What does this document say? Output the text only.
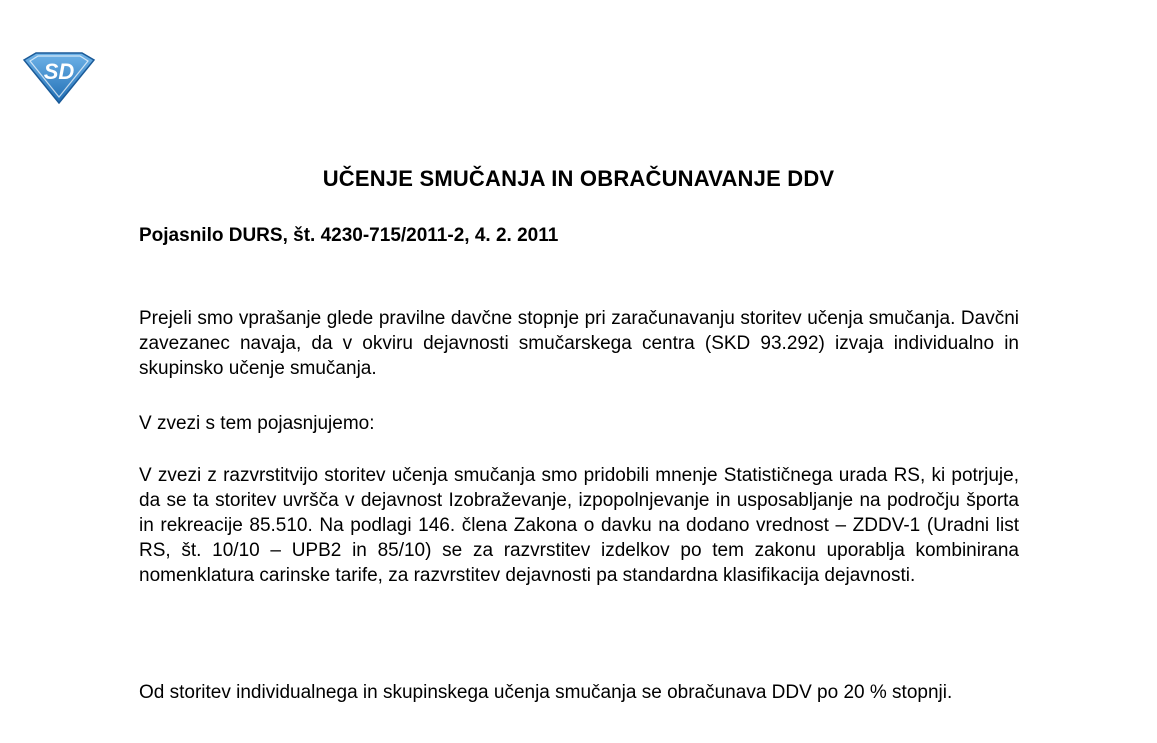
SD
UČENJE SMUČANJA IN OBRAČUNAVANJE DDV
Pojasnilo DURS, št. 4230-715/2011-2, 4. 2. 2011

Prejeli smo vprašanje glede pravilne davčne stopnje pri zaračunavanju storitev učenja smučanja. Davčni zavezanec navaja, da v okviru dejavnosti smučarskega centra (SKD 93.292) izvaja individualno in skupinsko učenje smučanja.

V zvezi s tem pojasnjujemo:

V zvezi z razvrstitvijo storitev učenja smučanja smo pridobili mnenje Statističnega urada RS, ki potrjuje, da se ta storitev uvršča v dejavnost Izobraževanje, izpopolnjevanje in usposabljanje na področju športa in rekreacije 85.510. Na podlagi 146. člena Zakona o davku na dodano vrednost – ZDDV-1 (Uradni list RS, št. 10/10 – UPB2 in 85/10) se za razvrstitev izdelkov po tem zakonu uporablja kombinirana nomenklatura carinske tarife, za razvrstitev dejavnosti pa standardna klasifikacija dejavnosti.

Od storitev individualnega in skupinskega učenja smučanja se obračunava DDV po 20 % stopnji.
